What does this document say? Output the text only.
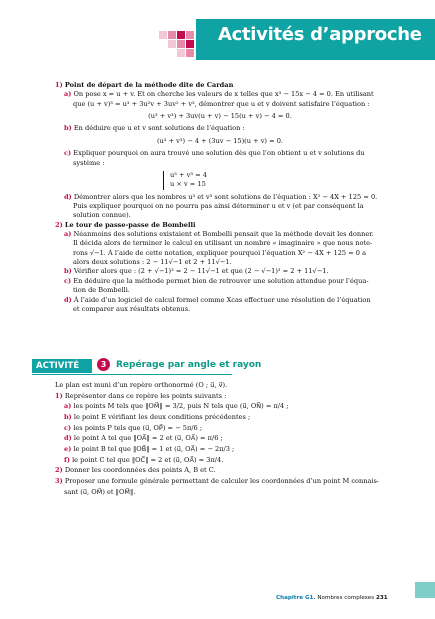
Activités d’approche
1) Point de départ de la méthode dite de Cardan
a) On pose x = u + v. Et on cherche les valeurs de x telles que x³ − 15x − 4 = 0. En utilisant
que (u + v)³ = u³ + 3u²v + 3uv² + v³, démontrer que u et v doivent satisfaire l’équation :
(u³ + v³) + 3uv(u + v) − 15(u + v) − 4 = 0.
b) En déduire que u et v sont solutions de l’équation :
(u³ + v³) − 4 + (3uv − 15)(u + v) = 0.
c) Expliquer pourquoi on aura trouvé une solution dès que l’on obtient u et v solutions du
système :
u³ + v³ = 4
u × v = 15
d) Démontrer alors que les nombres u³ et v³ sont solutions de l’équation : X² − 4X + 125 = 0.
Puis expliquer pourquoi on ne pourra pas ainsi déterminer u et v (et par conséquent la
solution connue).
2) Le tour de passe-passe de Bombelli
a) Néanmoins des solutions existaient et Bombelli pensait que la méthode devait les donner.
Il décida alors de terminer le calcul en utilisant un nombre « imaginaire » que nous note-
rons √−1. À l’aide de cette notation, expliquer pourquoi l’équation X² − 4X + 125 = 0 a
alors deux solutions : 2 − 11√−1 et 2 + 11√−1.
b) Vérifier alors que : (2 + √−1)³ = 2 − 11√−1 et que (2 − √−1)³ = 2 + 11√−1.
c) En déduire que la méthode permet bien de retrouver une solution attendue pour l’équa-
tion de Bombelli.
d) À l’aide d’un logiciel de calcul formel comme Xcas effectuer une résolution de l’équation
et comparer aux résultats obtenus.
ACTIVITÉ	3	Repérage par angle et rayon
Le plan est muni d’un repère orthonormé (O ; u⃗, v⃗).
1) Représenter dans ce repère les points suivants :
a) les points M tels que ‖OM⃗‖ = 3/2, puis N tels que (u⃗, ON⃗) = π/4 ;
b) le point E vérifiant les deux conditions précédentes ;
c) les points P tels que (u⃗, OP⃗) = − 5π/6 ;
d) le point A tel que ‖OA⃗‖ = 2 et (u⃗, OA⃗) = π/6 ;
e) le point B tel que ‖OB⃗‖ = 1 et (u⃗, OA⃗) = − 2π/3 ;
f) le point C tel que ‖OC⃗‖ = 2 et (u⃗, OA⃗) = 3π/4.
2) Donner les coordonnées des points A, B et C.
3) Proposer une formule générale permettant de calculer les coordonnées d’un point M connais-
sant (u⃗, OM⃗) et ‖OM⃗‖.
Chapitre G1. Nombres complexes 231
